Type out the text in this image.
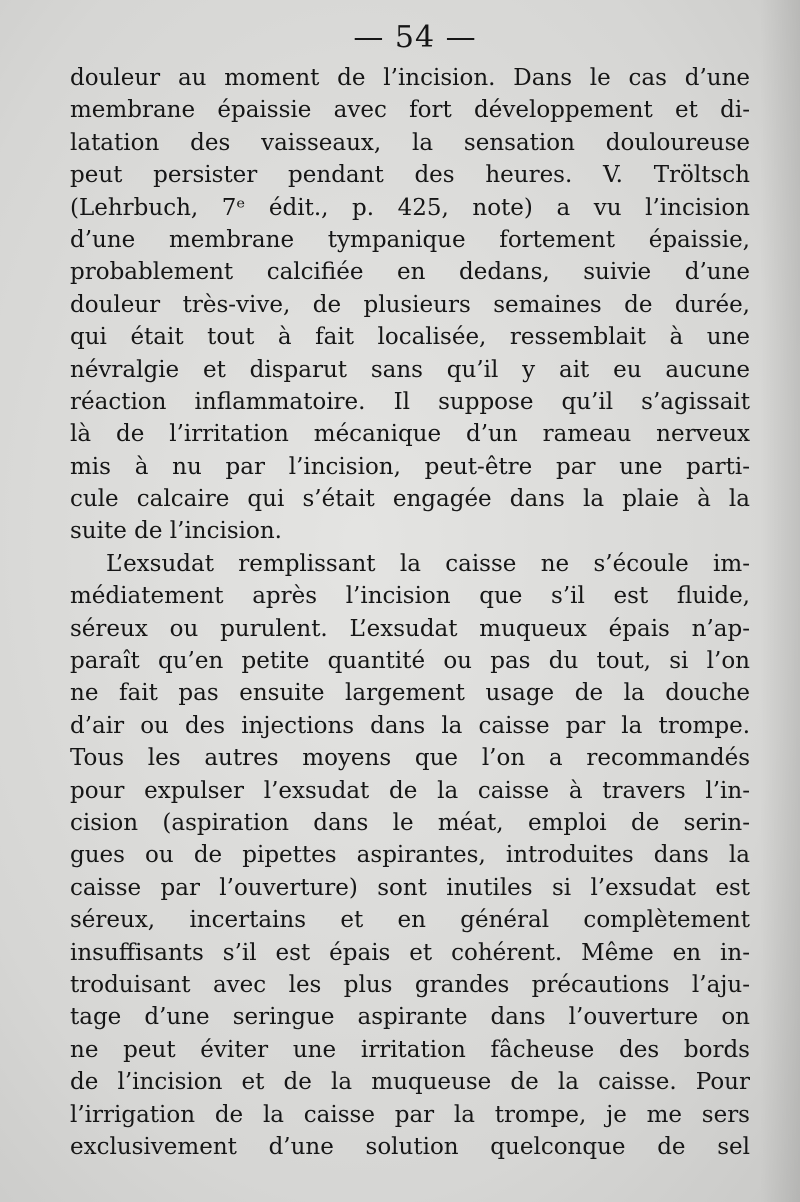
— 54 —
douleur au moment de l’incision. Dans le cas d’une
membrane épaissie avec fort développement et di-
latation des vaisseaux, la sensation douloureuse
peut persister pendant des heures. V. Tröltsch
(Lehrbuch, 7ᵉ édit., p. 425, note) a vu l’incision
d’une membrane tympanique fortement épaissie,
probablement calcifiée en dedans, suivie d’une
douleur très-vive, de plusieurs semaines de durée,
qui était tout à fait localisée, ressemblait à une
névralgie et disparut sans qu’il y ait eu aucune
réaction inflammatoire. Il suppose qu’il s’agissait
là de l’irritation mécanique d’un rameau nerveux
mis à nu par l’incision, peut-être par une parti-
cule calcaire qui s’était engagée dans la plaie à la
suite de l’incision.
L’exsudat remplissant la caisse ne s’écoule im-
médiatement après l’incision que s’il est fluide,
séreux ou purulent. L’exsudat muqueux épais n’ap-
paraît qu’en petite quantité ou pas du tout, si l’on
ne fait pas ensuite largement usage de la douche
d’air ou des injections dans la caisse par la trompe.
Tous les autres moyens que l’on a recommandés
pour expulser l’exsudat de la caisse à travers l’in-
cision (aspiration dans le méat, emploi de serin-
gues ou de pipettes aspirantes, introduites dans la
caisse par l’ouverture) sont inutiles si l’exsudat est
séreux, incertains et en général complètement
insuffisants s’il est épais et cohérent. Même en in-
troduisant avec les plus grandes précautions l’aju-
tage d’une seringue aspirante dans l’ouverture on
ne peut éviter une irritation fâcheuse des bords
de l’incision et de la muqueuse de la caisse. Pour
l’irrigation de la caisse par la trompe, je me sers
exclusivement d’une solution quelconque de sel
